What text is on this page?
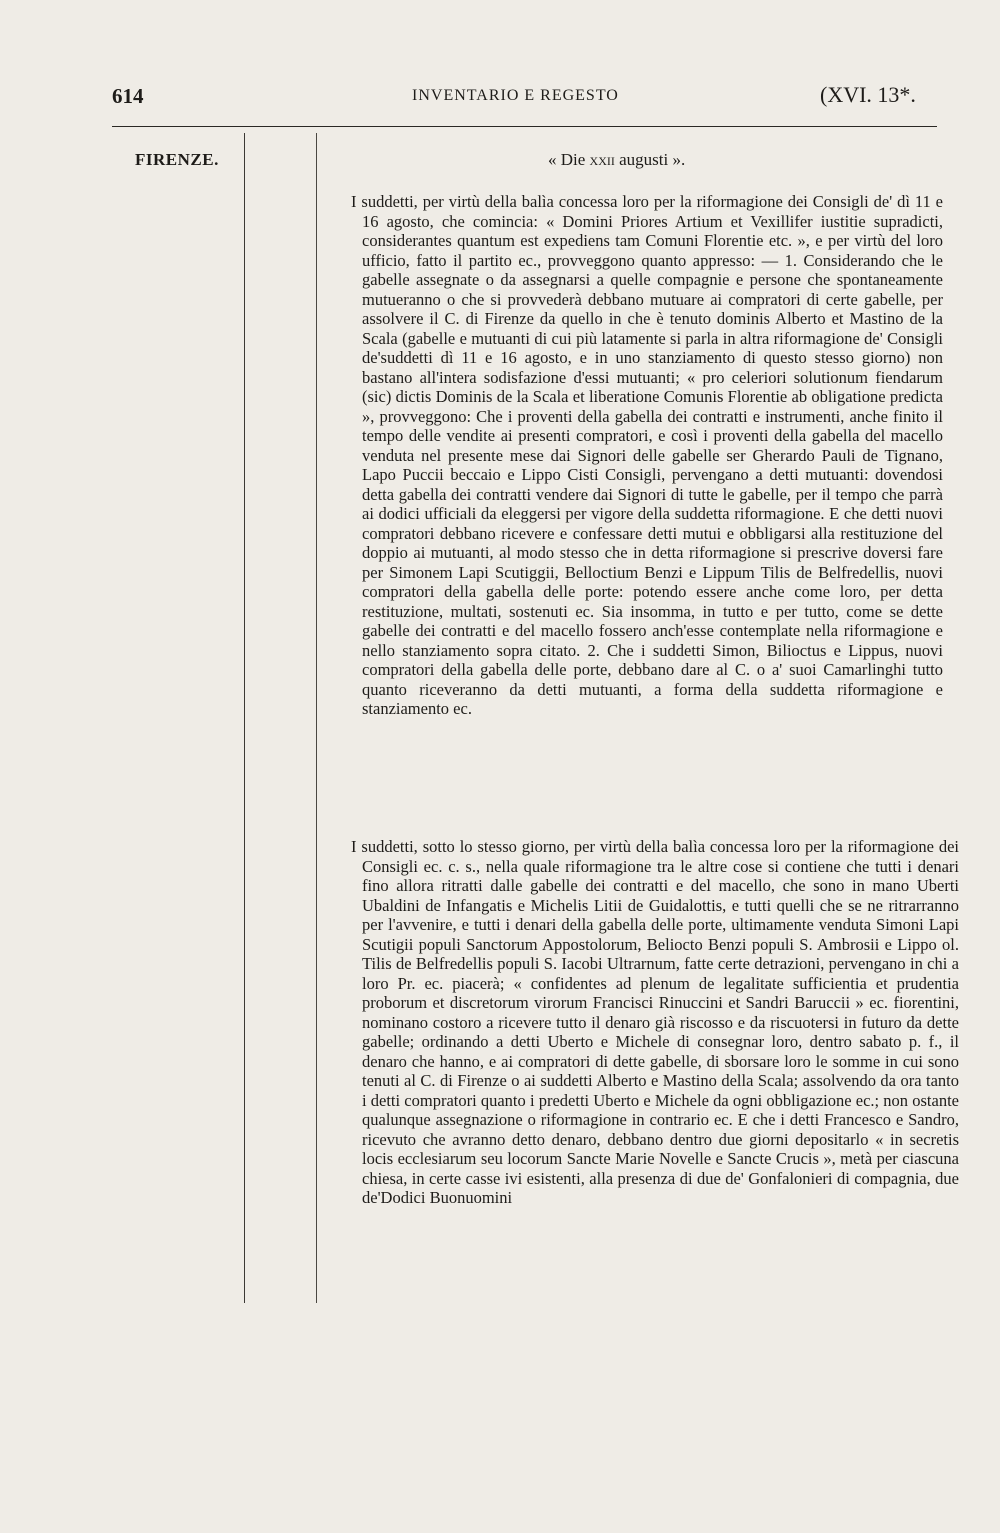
614	INVENTARIO E REGESTO	(XVI. 13*.
FIRENZE.	« Die xxii augusti ».

I suddetti, per virtù della balìa concessa loro per la riformagione dei Consigli de' dì 11 e 16 agosto, che comincia: « Domini Priores Artium et Vexillifer iustitie supradicti, considerantes quantum est expediens tam Comuni Florentie etc. », e per virtù del loro ufficio, fatto il partito ec., provveggono quanto appresso: — 1. Considerando che le gabelle assegnate o da assegnarsi a quelle compagnie e persone che spontaneamente mutueranno o che si provvederà debbano mutuare ai compratori di certe gabelle, per assolvere il C. di Firenze da quello in che è tenuto dominis Alberto et Mastino de la Scala (gabelle e mutuanti di cui più latamente si parla in altra riformagione de' Consigli de'suddetti dì 11 e 16 agosto, e in uno stanziamento di questo stesso giorno) non bastano all'intera sodisfazione d'essi mutuanti; « pro celeriori solutionum fiendarum (sic) dictis Dominis de la Scala et liberatione Comunis Florentie ab obligatione predicta », provveggono: Che i proventi della gabella dei contratti e instrumenti, anche finito il tempo delle vendite ai presenti compratori, e così i proventi della gabella del macello venduta nel presente mese dai Signori delle gabelle ser Gherardo Pauli de Tignano, Lapo Puccii beccaio e Lippo Cisti Consigli, pervengano a detti mutuanti: dovendosi detta gabella dei contratti vendere dai Signori di tutte le gabelle, per il tempo che parrà ai dodici ufficiali da eleggersi per vigore della suddetta riformagione. E che detti nuovi compratori debbano ricevere e confessare detti mutui e obbligarsi alla restituzione del doppio ai mutuanti, al modo stesso che in detta riformagione si prescrive doversi fare per Simonem Lapi Scutiggii, Belloctium Benzi e Lippum Tilis de Belfredellis, nuovi compratori della gabella delle porte: potendo essere anche come loro, per detta restituzione, multati, sostenuti ec. Sia insomma, in tutto e per tutto, come se dette gabelle dei contratti e del macello fossero anch'esse contemplate nella riformagione e nello stanziamento sopra citato. 2. Che i suddetti Simon, Bilioctus e Lippus, nuovi compratori della gabella delle porte, debbano dare al C. o a' suoi Camarlinghi tutto quanto riceveranno da detti mutuanti, a forma della suddetta riformagione e stanziamento ec.

I suddetti, sotto lo stesso giorno, per virtù della balìa concessa loro per la riformagione dei Consigli ec. c. s., nella quale riformagione tra le altre cose si contiene che tutti i denari fino allora ritratti dalle gabelle dei contratti e del macello, che sono in mano Uberti Ubaldini de Infangatis e Michelis Litii de Guidalottis, e tutti quelli che se ne ritrarranno per l'avvenire, e tutti i denari della gabella delle porte, ultimamente venduta Simoni Lapi Scutigii populi Sanctorum Appostolorum, Belioctо Benzi populi S. Ambrosii e Lippo ol. Tilis de Belfredellis populi S. Iacobi Ultrarnum, fatte certe detrazioni, pervengano in chi a loro Pr. ec. piacerà; « confidentes ad plenum de legalitate sufficientia et prudentia proborum et discretorum virorum Francisci Rinuccini et Sandri Baruccii » ec. fiorentini, nominano costoro a ricevere tutto il denaro già riscosso e da riscuotersi in futuro da dette gabelle; ordinando a detti Uberto e Michele di consegnar loro, dentro sabato p. f., il denaro che hanno, e ai compratori di dette gabelle, di sborsare loro le somme in cui sono tenuti al C. di Firenze o ai suddetti Alberto e Mastino della Scala; assolvendo da ora tanto i detti compratori quanto i predetti Uberto e Michele da ogni obbligazione ec.; non ostante qualunque assegnazione o riformagione in contrario ec. E che i detti Francesco e Sandro, ricevuto che avranno detto denaro, debbano dentro due giorni depositarlo « in secretis locis ecclesiarum seu locorum Sancte Marie Novelle e Sancte Crucis », metà per ciascuna chiesa, in certe casse ivi esistenti, alla presenza di due de' Gonfalonieri di compagnia, due de'Dodici Buonuomini
